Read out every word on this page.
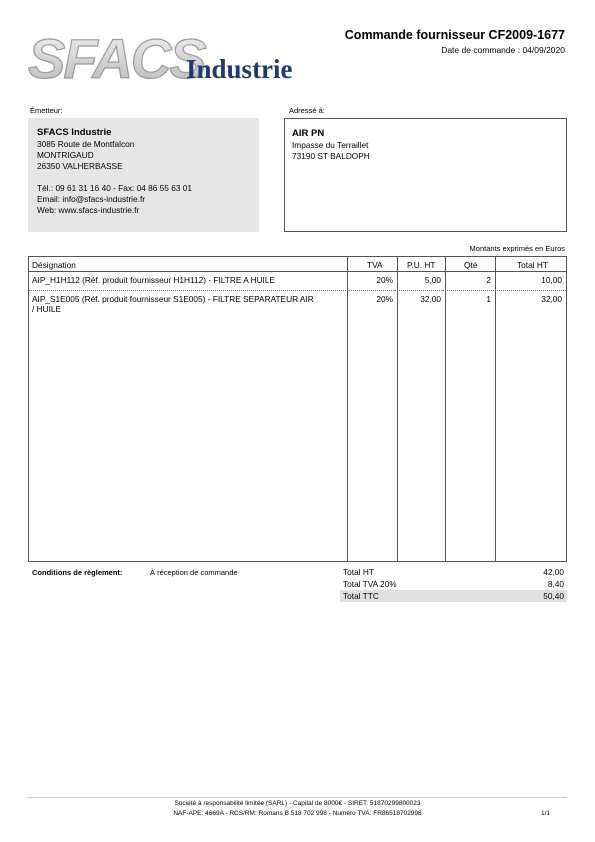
SFACS
Industrie
Commande fournisseur CF2009-1677
Date de commande : 04/09/2020
Émetteur:	Adressé à:
SFACS Industrie
3085 Route de Montfalcon
MONTRIGAUD
26350 VALHERBASSE
Tél.: 09 61 31 16 40 - Fax: 04 86 55 63 01
Email: info@sfacs-industrie.fr
Web: www.sfacs-industrie.fr
AIR PN
Impasse du Terraillet
73190 ST BALDOPH
Montants exprimés en Euros
Désignation	TVA	P.U. HT	Qté	Total HT
AIP_H1H112 (Réf. produit fournisseur H1H112) - FILTRE A HUILE	20%	5,00	2	10,00
AIP_S1E005 (Réf. produit fournisseur S1E005) - FILTRE SEPARATEUR AIR
/ HUILE
20%	32,00	1	32,00
Conditions de règlement:	À réception de commande	Total HT	42,00
Total TVA 20%	8,40
Total TTC	50,40
Société à responsabilité limitée (SARL) - Capital de 8000€ - SIRET: 51870299800023
NAF-APE: 4669A - RCS/RM: Romans B 518 702 998 - Numéro TVA: FR86518702998	1/1
